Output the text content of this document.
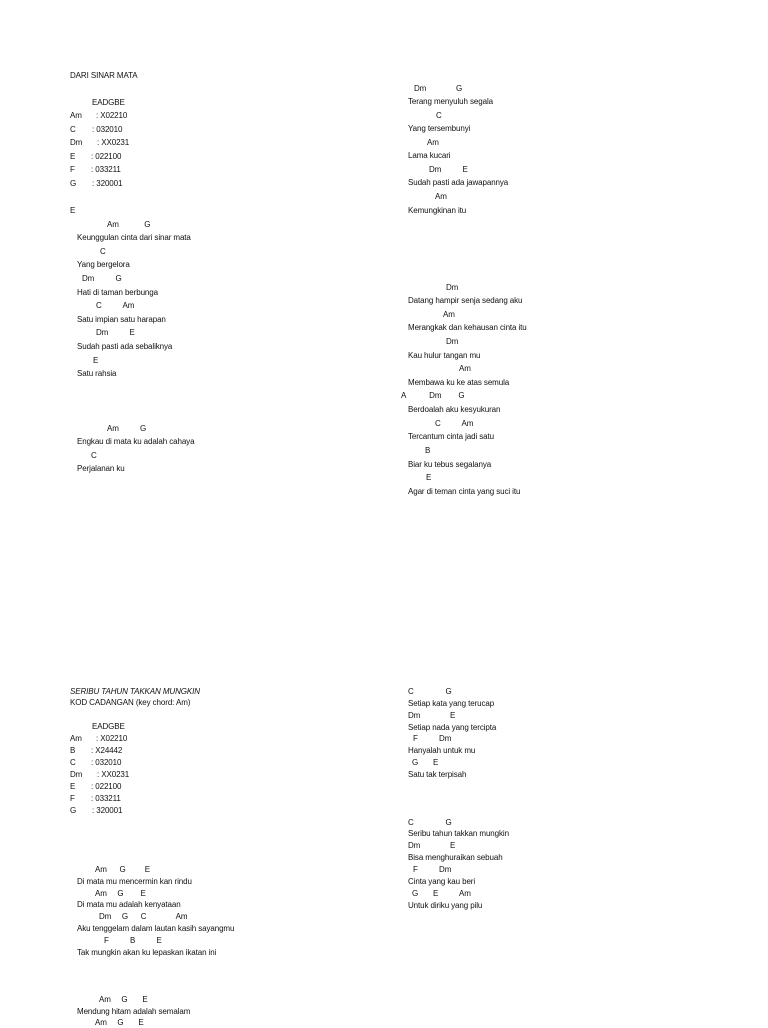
DARI SINAR MATA
EADGBE
Am : X02210
C : 032010
Dm : XX0231
E : 022100
F : 033211
G : 320001
E
Am            G
Keunggulan cinta dari sinar mata
C
Yang bergelora
Dm          G
Hati di taman berbunga
C          Am
Satu impian satu harapan
Dm          E
Sudah pasti ada sebaliknya
E
Satu rahsia
Am          G
Engkau di mata ku adalah cahaya
C
Perjalanan ku
Dm              G
Terang menyuluh segala
C
Yang tersembunyi
Am
Lama kucari
Dm          E
Sudah pasti ada jawapannya
Am
Kemungkinan itu
Dm
Datang hampir senja sedang aku
Am
Merangkak dan kehausan cinta itu
Dm
Kau hulur tangan mu
Am
Membawa ku ke atas semula
A           Dm        G
Berdoalah aku kesyukuran
C          Am
Tercantum cinta jadi satu
B
Biar ku tebus segalanya
E
Agar di teman cinta yang suci itu
SERIBU TAHUN TAKKAN MUNGKIN
KOD CADANGAN (key chord: Am)
EADGBE
Am : X02210
B : X24442
C : 032010
Dm : XX0231
E : 022100
F : 033211
G : 320001
Am      G         E
Di mata mu mencermin kan rindu
Am     G        E
Di mata mu adalah kenyataan
Dm     G      C              Am
Aku tenggelam dalam lautan kasih sayangmu
F          B          E
Tak mungkin akan ku lepaskan ikatan ini
Am     G       E
Mendung hitam adalah semalam
Am     G       E
C               G
Setiap kata yang terucap
Dm              E
Setiap nada yang tercipta
F          Dm
Hanyalah untuk mu
G       E
Satu tak terpisah
C               G
Seribu tahun takkan mungkin
Dm              E
Bisa menghuraikan sebuah
F          Dm
Cinta yang kau beri
G       E          Am
Untuk diriku yang pilu
